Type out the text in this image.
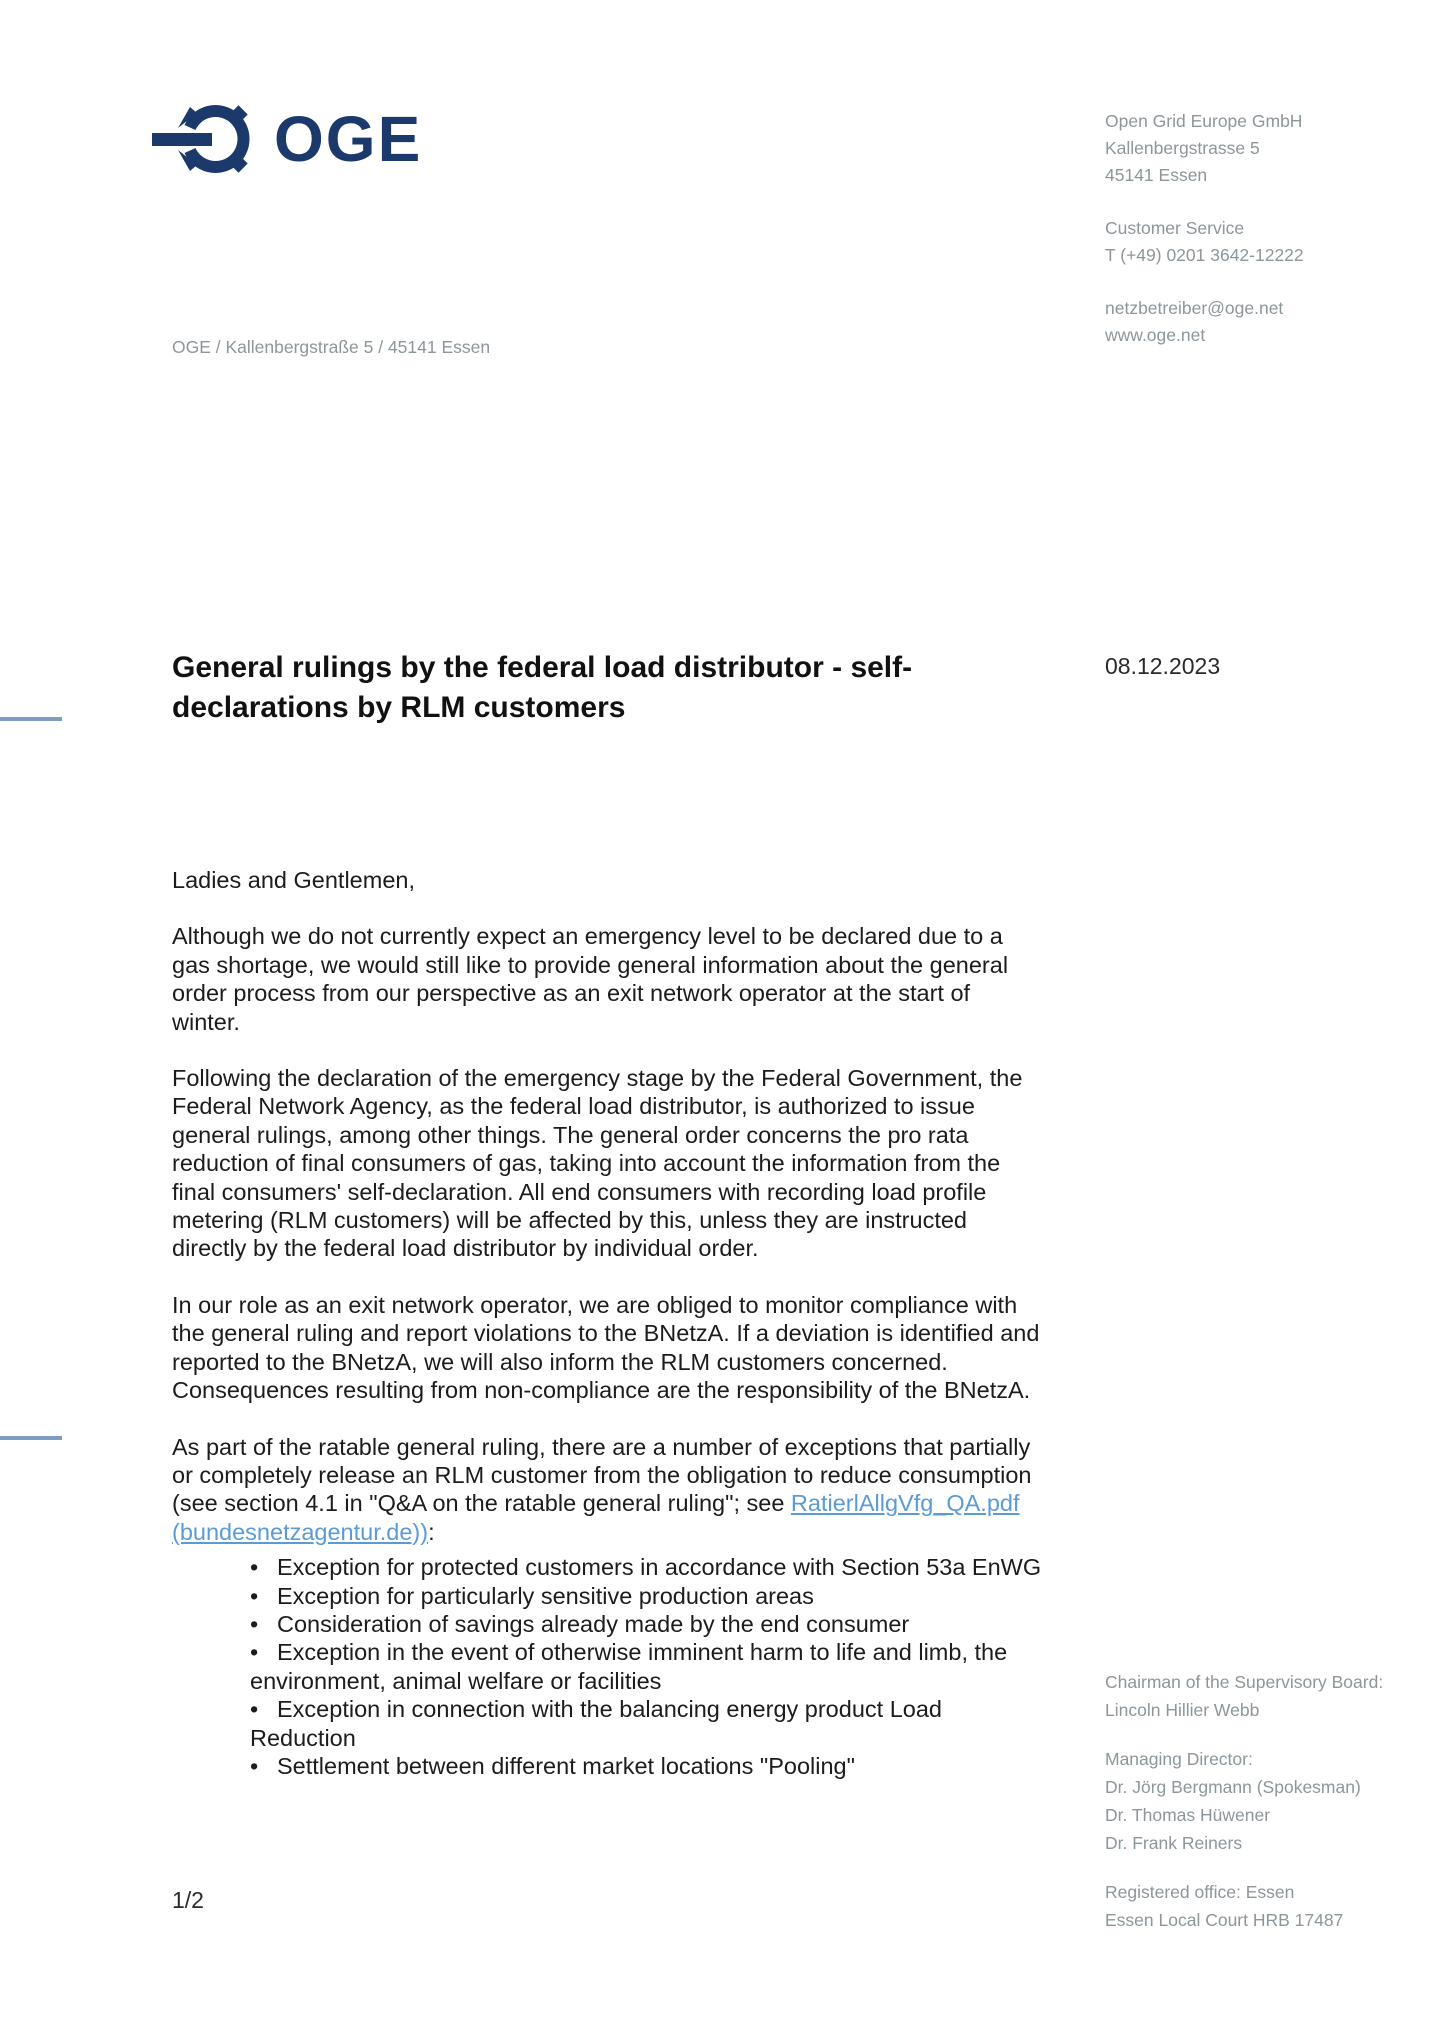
OGE	Open Grid Europe GmbH
Kallenbergstrasse 5
45141 Essen
Customer Service
T (+49) 0201 3642-12222
netzbetreiber@oge.net
www.oge.net
OGE / Kallenbergstraße 5 / 45141 Essen
General rulings by the federal load distributor - self-declarations by RLM customers
08.12.2023

Ladies and Gentlemen,

Although we do not currently expect an emergency level to be declared due to a gas shortage, we would still like to provide general information about the general order process from our perspective as an exit network operator at the start of winter.

Following the declaration of the emergency stage by the Federal Government, the Federal Network Agency, as the federal load distributor, is authorized to issue general rulings, among other things. The general order concerns the pro rata reduction of final consumers of gas, taking into account the information from the final consumers' self-declaration. All end consumers with recording load profile metering (RLM customers) will be affected by this, unless they are instructed directly by the federal load distributor by individual order.

In our role as an exit network operator, we are obliged to monitor compliance with the general ruling and report violations to the BNetzA. If a deviation is identified and reported to the BNetzA, we will also inform the RLM customers concerned. Consequences resulting from non-compliance are the responsibility of the BNetzA.

As part of the ratable general ruling, there are a number of exceptions that partially or completely release an RLM customer from the obligation to reduce consumption (see section 4.1 in "Q&A on the ratable general ruling"; see RatierlAllgVfg_QA.pdf (bundesnetzagentur.de)):

• Exception for protected customers in accordance with Section 53a EnWG
• Exception for particularly sensitive production areas
• Consideration of savings already made by the end consumer
• Exception in the event of otherwise imminent harm to life and limb, the environment, animal welfare or facilities
• Exception in connection with the balancing energy product Load Reduction
• Settlement between different market locations "Pooling"
Chairman of the Supervisory Board:
Lincoln Hillier Webb
Managing Director:
Dr. Jörg Bergmann (Spokesman)
Dr. Thomas Hüwener
Dr. Frank Reiners
Registered office: Essen
Essen Local Court HRB 17487
1/2
